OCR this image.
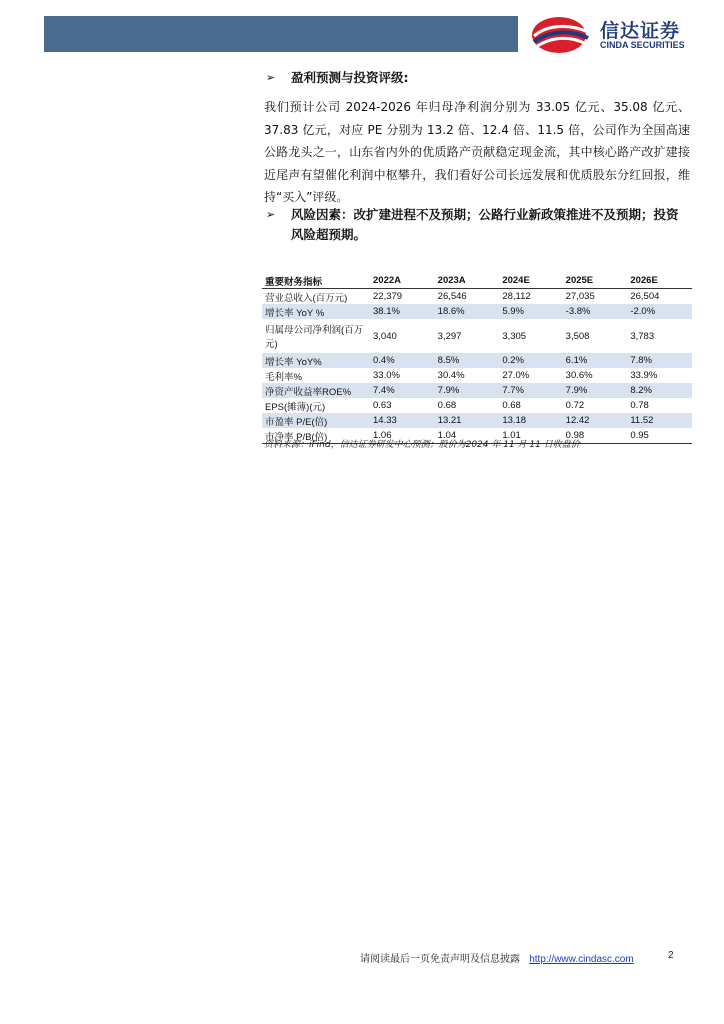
信达证券
CINDA SECURITIES
➢	盈利预测与投资评级:
我们预计公司 2024-2026 年归母净利润分别为 33.05 亿元、35.08 亿元、37.83 亿元，对应 PE 分别为 13.2 倍、12.4 倍、11.5 倍，公司作为全国高速公路龙头之一，山东省内外的优质路产贡献稳定现金流，其中核心路产改扩建接近尾声有望催化利润中枢攀升，我们看好公司长远发展和优质股东分红回报，维持“买入”评级。
➢	风险因素：改扩建进程不及预期；公路行业新政策推进不及预期；投资风险超预期。
重要财务指标	2022A	2023A	2024E	2025E	2026E
营业总收入(百万元)	22,379	26,546	28,112	27,035	26,504
增长率 YoY %	38.1%	18.6%	5.9%	-3.8%	-2.0%
归属母公司净利润(百万元)	3,040	3,297	3,305	3,508	3,783
增长率 YoY%	0.4%	8.5%	0.2%	6.1%	7.8%
毛利率%	33.0%	30.4%	27.0%	30.6%	33.9%
净资产收益率ROE%	7.4%	7.9%	7.7%	7.9%	8.2%
EPS(摊薄)(元)	0.63	0.68	0.68	0.72	0.78
市盈率 P/E(倍)	14.33	13.21	13.18	12.42	11.52
市净率 P/B(倍)	1.06	1.04	1.01	0.98	0.95
资料来源：iFind，信达证券研发中心预测；股价为2024 年 11 月 11 日收盘价
请阅读最后一页免责声明及信息披露 http://www.cindasc.com	2
